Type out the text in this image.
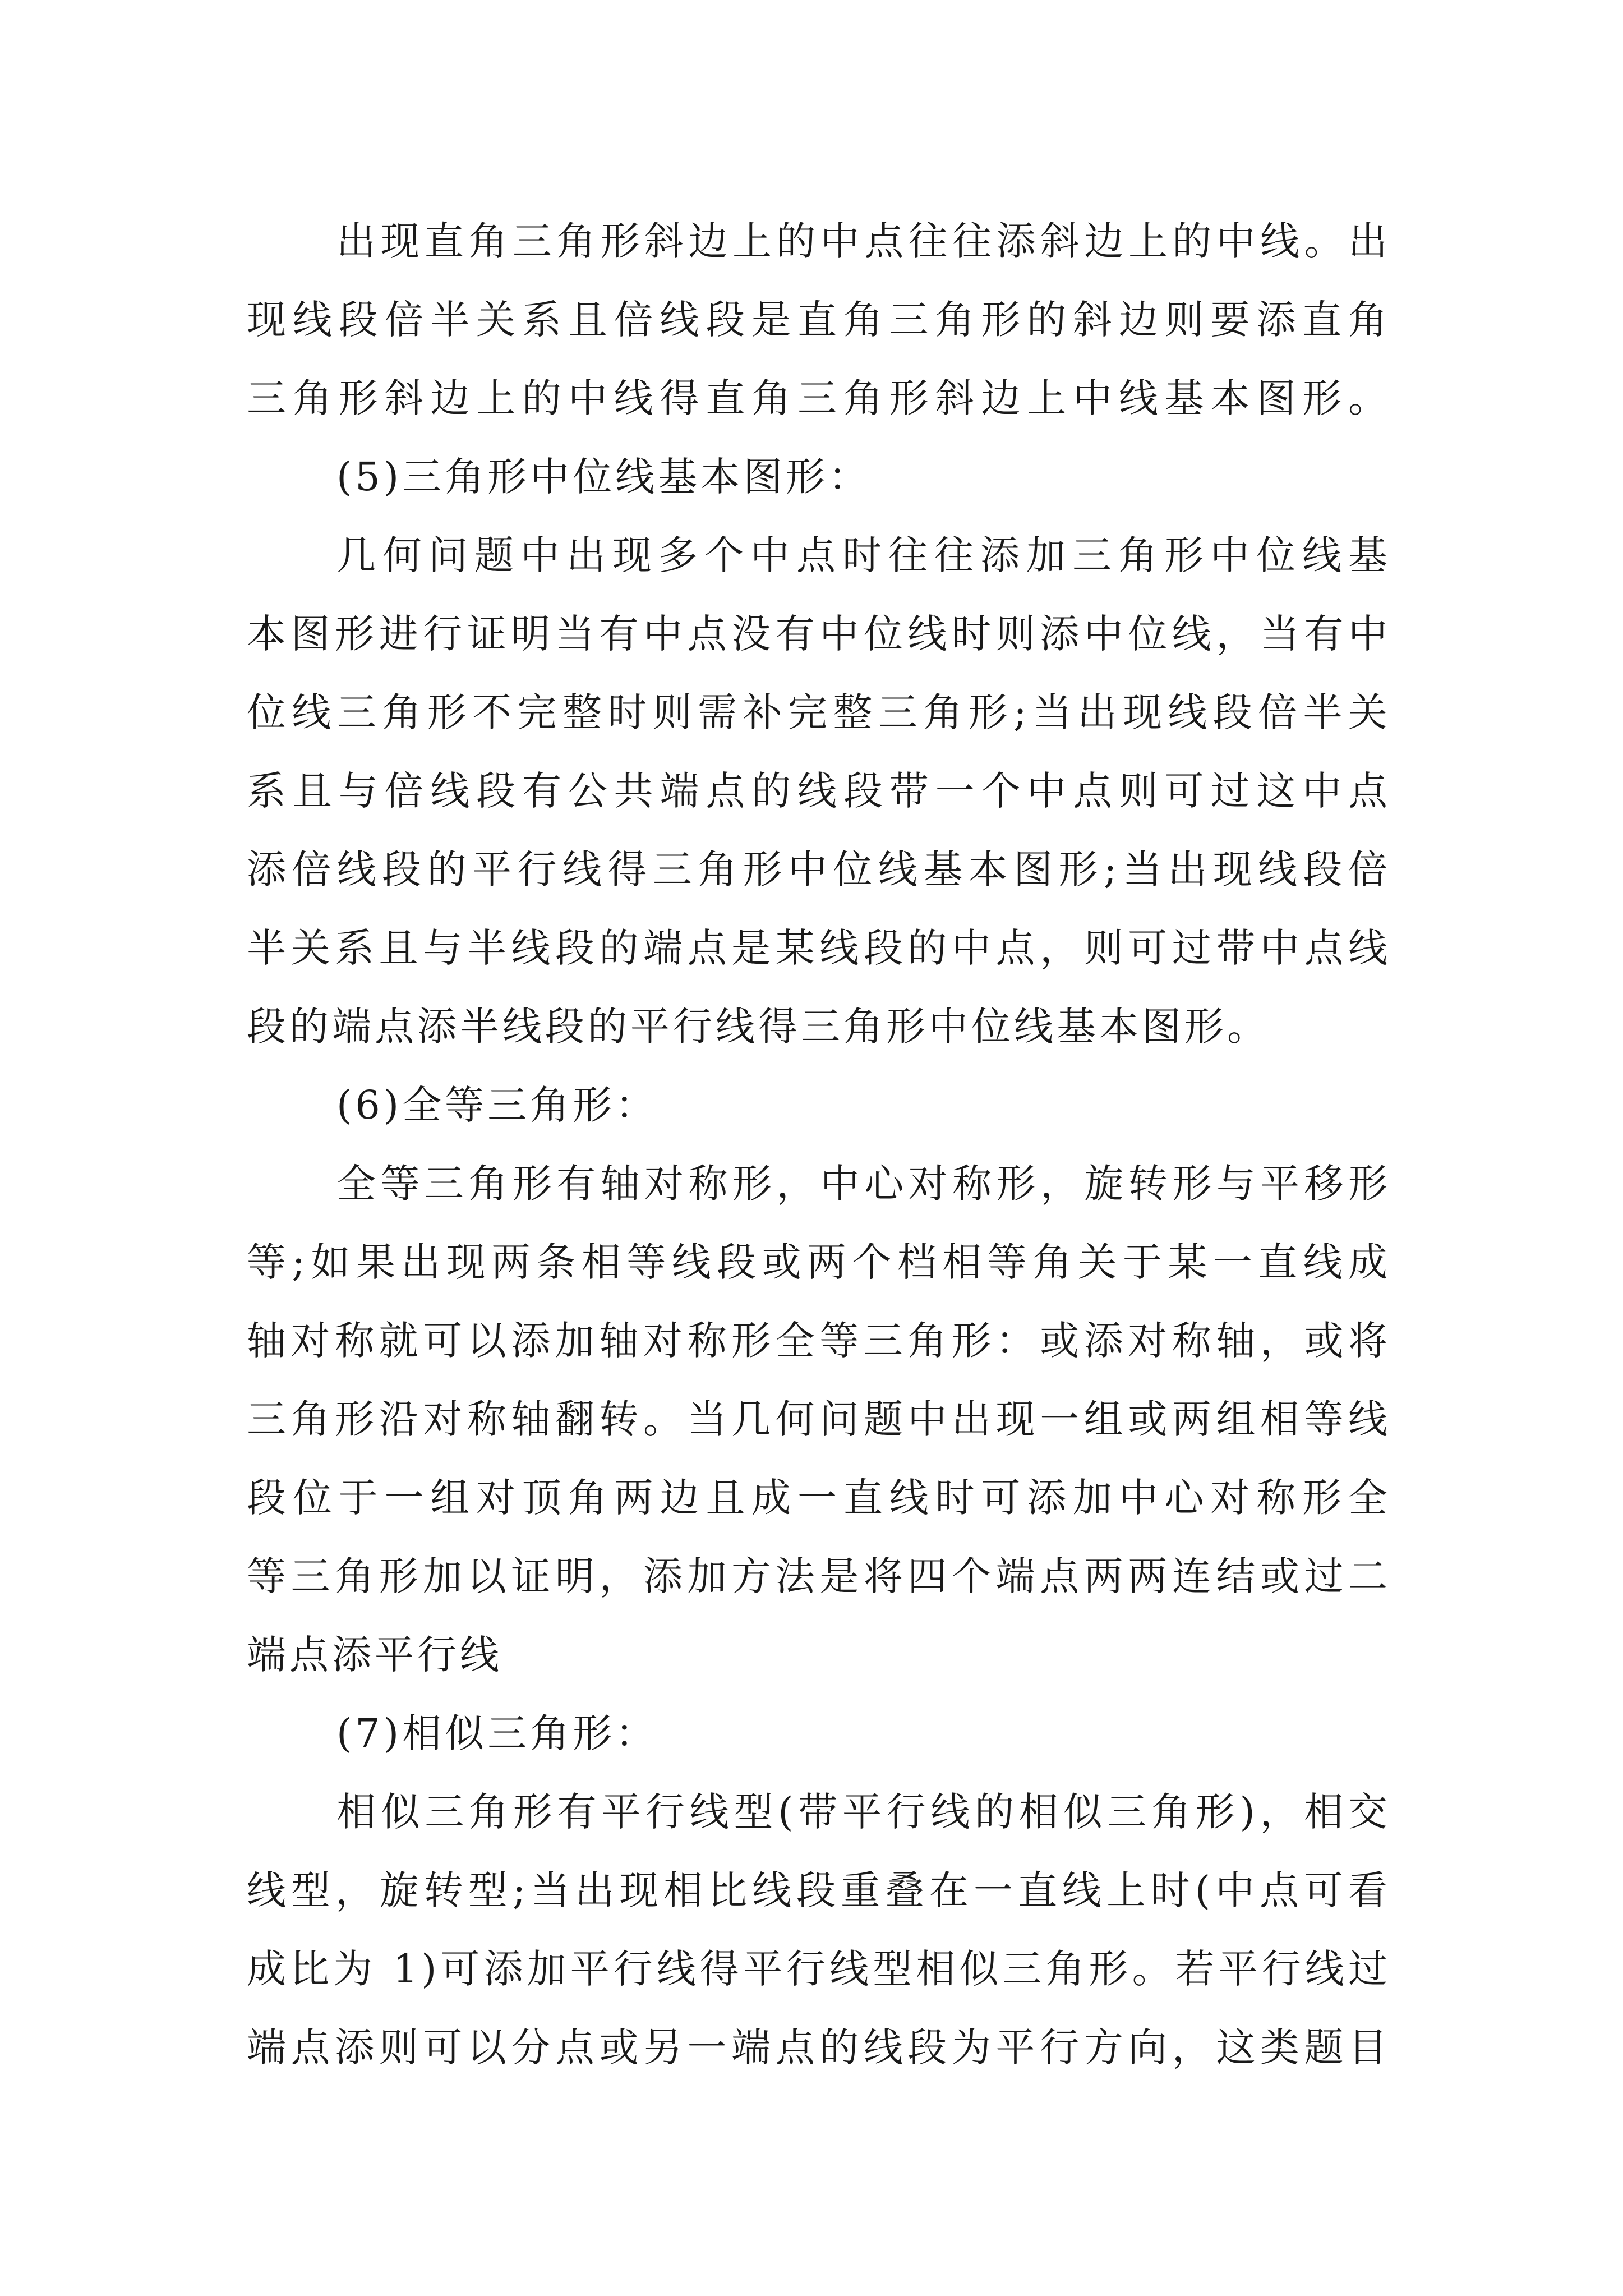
出现直角三角形斜边上的中点往往添斜边上的中线。出
现线段倍半关系且倍线段是直角三角形的斜边则要添直角
三角形斜边上的中线得直角三角形斜边上中线基本图形。
(5)三角形中位线基本图形：
几何问题中出现多个中点时往往添加三角形中位线基
本图形进行证明当有中点没有中位线时则添中位线，当有中
位线三角形不完整时则需补完整三角形;当出现线段倍半关
系且与倍线段有公共端点的线段带一个中点则可过这中点
添倍线段的平行线得三角形中位线基本图形;当出现线段倍
半关系且与半线段的端点是某线段的中点，则可过带中点线
段的端点添半线段的平行线得三角形中位线基本图形。
(6)全等三角形：
全等三角形有轴对称形，中心对称形，旋转形与平移形
等;如果出现两条相等线段或两个档相等角关于某一直线成
轴对称就可以添加轴对称形全等三角形：或添对称轴，或将
三角形沿对称轴翻转。当几何问题中出现一组或两组相等线
段位于一组对顶角两边且成一直线时可添加中心对称形全
等三角形加以证明，添加方法是将四个端点两两连结或过二
端点添平行线
(7)相似三角形：
相似三角形有平行线型(带平行线的相似三角形)，相交
线型，旋转型;当出现相比线段重叠在一直线上时(中点可看
成比为 1)可添加平行线得平行线型相似三角形。若平行线过
端点添则可以分点或另一端点的线段为平行方向，这类题目
